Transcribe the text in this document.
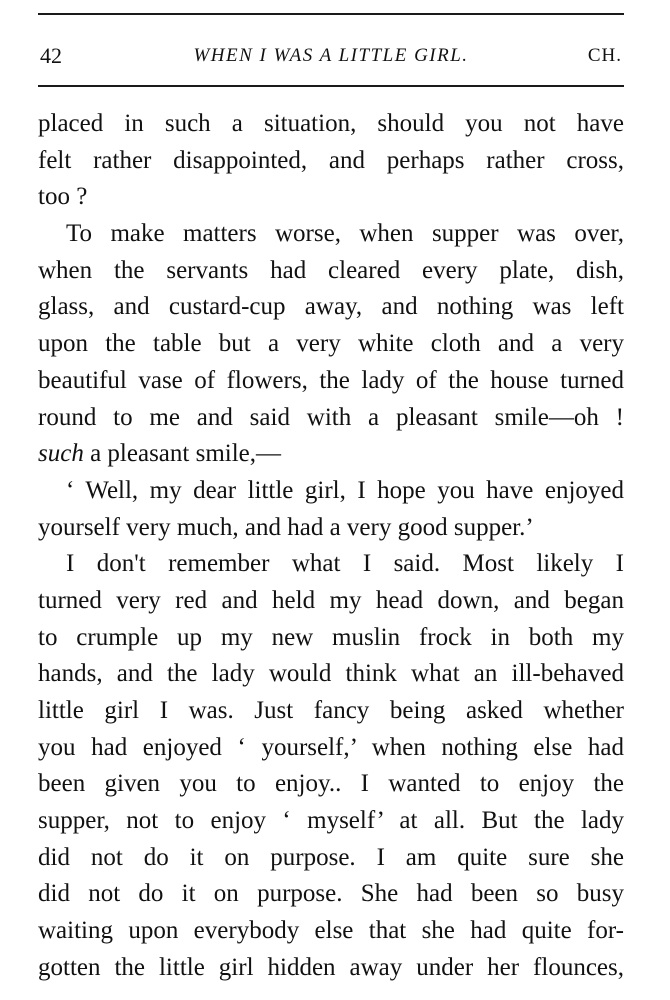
42	WHEN I WAS A LITTLE GIRL.	CH.
placed in such a situation, should you not have
felt rather disappointed, and perhaps rather cross,
too ?
To make matters worse, when supper was over,
when the servants had cleared every plate, dish,
glass, and custard-cup away, and nothing was left
upon the table but a very white cloth and a very
beautiful vase of flowers, the lady of the house turned
round to me and said with a pleasant smile—oh !
such a pleasant smile,—
‘ Well, my dear little girl, I hope you have enjoyed
yourself very much, and had a very good supper.’
I don't remember what I said. Most likely I
turned very red and held my head down, and began
to crumple up my new muslin frock in both my
hands, and the lady would think what an ill-behaved
little girl I was. Just fancy being asked whether
you had enjoyed ‘ yourself,’ when nothing else had
been given you to enjoy.. I wanted to enjoy the
supper, not to enjoy ‘ myself’ at all. But the lady
did not do it on purpose. I am quite sure she
did not do it on purpose. She had been so busy
waiting upon everybody else that she had quite for-
gotten the little girl hidden away under her flounces,
